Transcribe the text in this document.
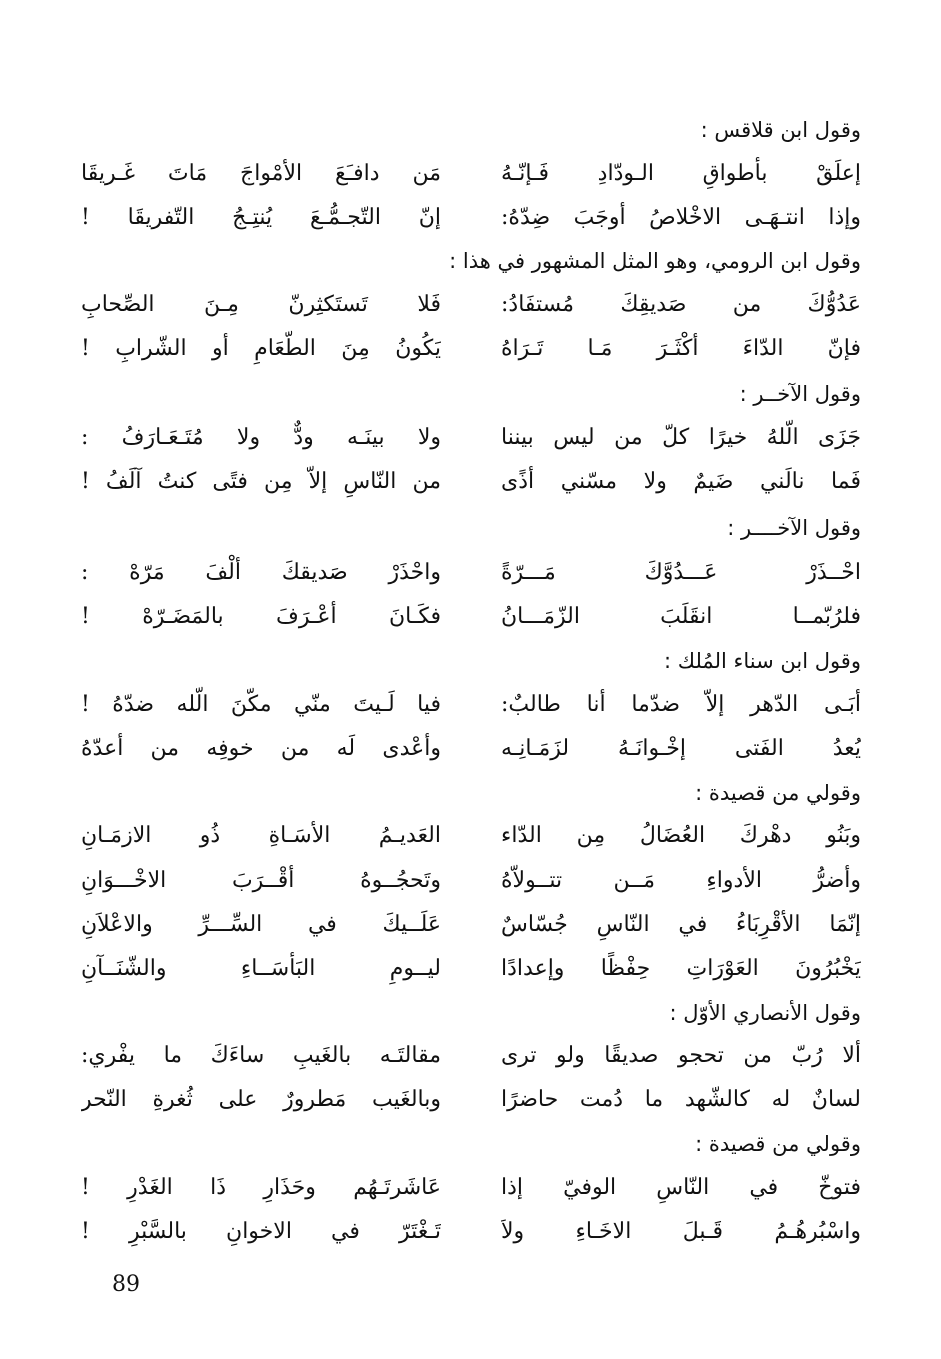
وقول ابن قلاقس :
إعلَقْ بأطواقِ الـودّادِ فَـإنّـهُ
مَن دافـَعَ الأمْواجَ مَاتَ غَـريقَا
وإذا انتـهَـى الاخْلاصُ أوجَبَ ضِدّهُ:
إنّ التّجـمُّـعَ يُنتِـجُ التّفريقَا !
وقول ابن الرومي، وهو المثل المشهور في هذا :
عَدُوُّكَ من صَديقِكَ مُستفَادُ:
فَلا تَستَكثِرنّ مِـنَ الصِّحابِ
فإنّ الدّاءَ أكْثَـرَ مَـا تَـرَاهُ
يَكُونُ مِنَ الطّعَامِ أو الشّرابِ !
وقول الآخــر :
جَزَى الّلهُ خيرًا كلّ من ليس بيننا
ولا بينَـه ودٌّ ولا مُتَـعَـارَفُ :
فَما نالَني ضَيمٌ ولا مسّني أذًى
من النّاسِ إلاّ مِن فتًى كنتُ آلَفُ !
وقول الآخــــر :
احْــذَرْ عَـــدُوَّكَ مَـــرّةً
واحْذَرْ صَديقكَ ألْفَ مَرّهْ :
فلرُبّمــا انقَلَبَ الزّمَـــانُ
فكَـانَ أعْـرَفَ بالمَضَـرّهْ !
وقول ابن سناء المُلك :
أبَـى الدّهر إلاّ ضدّما أنا طالبٌ:
فيا لَـيتَ منّي مكّنَ الّله ضدّهُ !
يُعدُ الفَتى إخْـوانَـهُ لزَمَـانِـه
وأعْدى لَه من خوفِه من أعدّهُ
وقولي من قصيدة :
وبَنُو دهْركَ العُضَالُ مِن الدّاء
العَديـمُ الأسَـاةِ ذُو الازمَـانِ
وأضرُّ الأدواءِ مَــن تتــولاّهُ
وتَحجُــوهُ أقْــرَبَ الاخْـــوَانِ
إنّمَا الأقْرِبَاءُ في النّاسِ جُسّاسٌ
عَلَــيكَ في السِّـــرِّ والاعْلاَنِ
يَخْبُرُونَ العَوْرَاتِ حِفْظًا وإعدادًا
ليــومِ البَأسَــاءِ والشّنَــآنِ
وقول الأنصاري الأوّل :
ألا رُبّ من تحجو صديقًا ولو ترى
مقالتَـه بالغَيبِ ساءَكَ ما يفْري:
لسانٌ له كالشّهد ما دُمت حاضرًا
وبالغَيب مَطرورٌ على ثُغرةِ النّحر
وقولي من قصيدة :
فتوخّ في النّاسِ الوفيّ إذا
عَاشَرتَـهُم وحَذَارِ ذَا الغَدْرِ !
واسْبُرهُـمُ قَـبلَ الاخَـاءِ ولاَ
تَـغْتَرّ في الاخوانِ بالسَّبْرِ !
89
